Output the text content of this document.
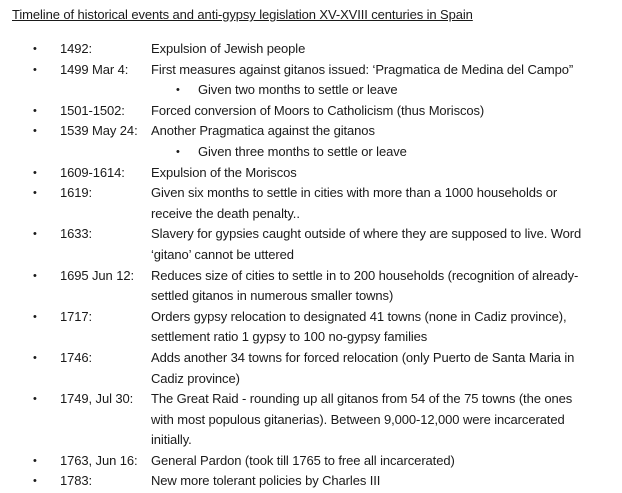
Timeline of historical events and anti-gypsy legislation XV-XVIII centuries in Spain
• 1492:	Expulsion of Jewish people
• 1499 Mar 4: First measures against gitanos issued: ‘Pragmatica de Medina del Campo”
• Given two months to settle or leave
• 1501-1502: Forced conversion of Moors to Catholicism (thus Moriscos)
• 1539 May 24: Another Pragmatica against the gitanos
• Given three months to settle or leave
• 1609-1614: Expulsion of the Moriscos
• 1619:	Given six months to settle in cities with more than a 1000 households or receive the death penalty..
• 1633:	Slavery for gypsies caught outside of where they are supposed to live. Word ‘gitano’ cannot be uttered
• 1695 Jun 12: Reduces size of cities to settle in to 200 households (recognition of already-settled gitanos in numerous smaller towns)
• 1717:	Orders gypsy relocation to designated 41 towns (none in Cadiz province), settlement ratio 1 gypsy to 100 no-gypsy families
• 1746:	Adds another 34 towns for forced relocation (only Puerto de Santa Maria in Cadiz province)
• 1749, Jul 30: The Great Raid - rounding up all gitanos from 54 of the 75 towns (the ones with most populous gitanerias). Between 9,000-12,000 were incarcerated initially.
• 1763, Jun 16: General Pardon (took till 1765 to free all incarcerated)
• 1783:	New more tolerant policies by Charles III
